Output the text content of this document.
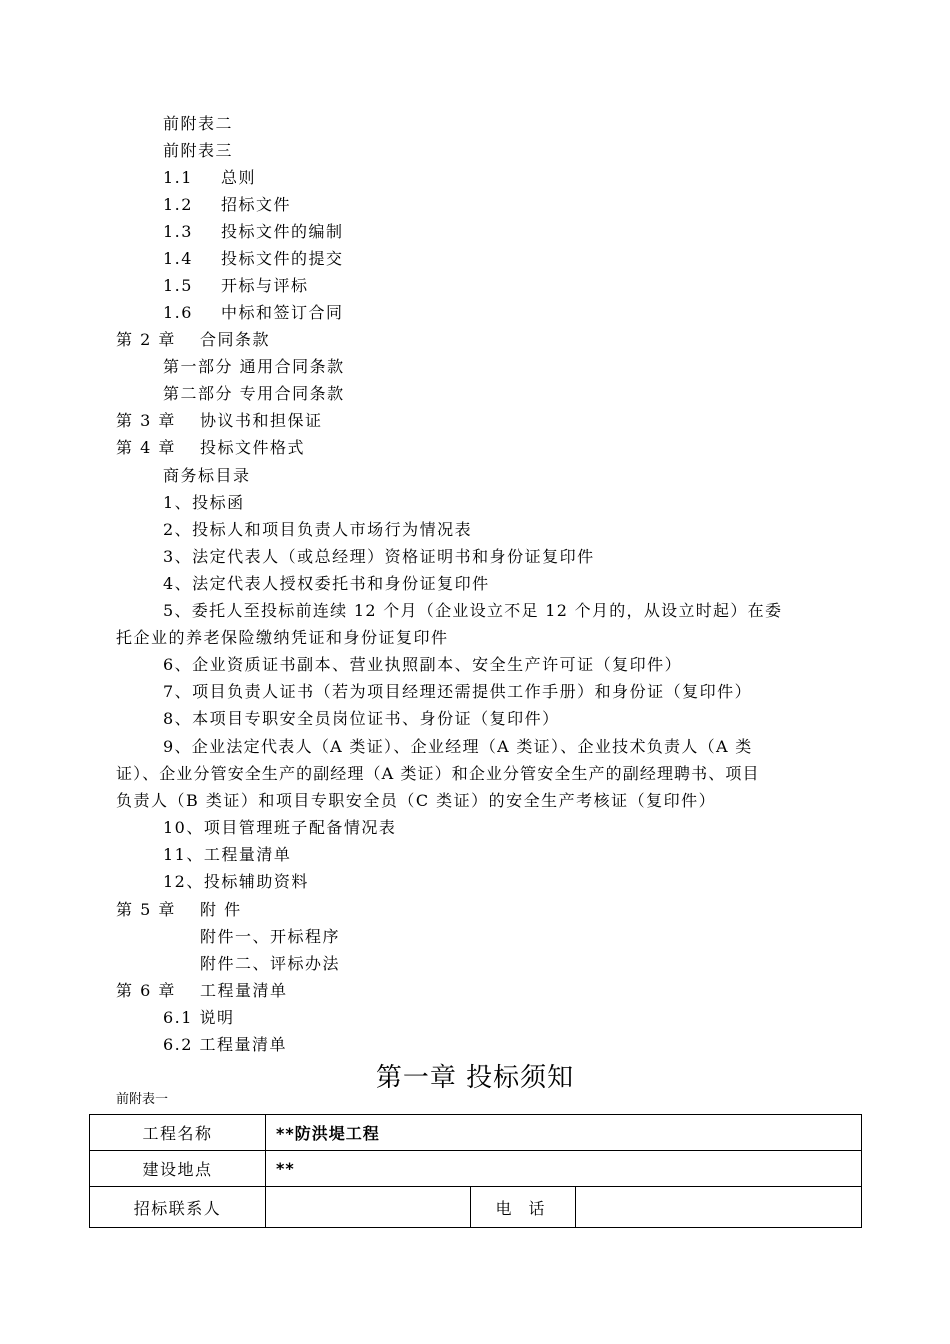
前附表二
前附表三
1.1 总则
1.2 招标文件
1.3 投标文件的编制
1.4 投标文件的提交
1.5 开标与评标
1.6 中标和签订合同
第 2 章 合同条款
第一部分 通用合同条款
第二部分 专用合同条款
第 3 章 协议书和担保证
第 4 章 投标文件格式
商务标目录
1、投标函
2、投标人和项目负责人市场行为情况表
3、法定代表人（或总经理）资格证明书和身份证复印件
4、法定代表人授权委托书和身份证复印件
5、委托人至投标前连续 12 个月（企业设立不足 12 个月的，从设立时起）在委
托企业的养老保险缴纳凭证和身份证复印件
6、企业资质证书副本、营业执照副本、安全生产许可证（复印件）
7、项目负责人证书（若为项目经理还需提供工作手册）和身份证（复印件）
8、本项目专职安全员岗位证书、身份证（复印件）
9、企业法定代表人（A 类证）、企业经理（A 类证）、企业技术负责人（A 类
证）、企业分管安全生产的副经理（A 类证）和企业分管安全生产的副经理聘书、项目
负责人（B 类证）和项目专职安全员（C 类证）的安全生产考核证（复印件）
10、项目管理班子配备情况表
11、工程量清单
12、投标辅助资料
第 5 章 附 件
附件一、开标程序
附件二、评标办法
第 6 章 工程量清单
6.1 说明
6.2 工程量清单
第一章 投标须知
前附表一
工程名称	**防洪堤工程		
建设地点	**		
招标联系人		电 话	
